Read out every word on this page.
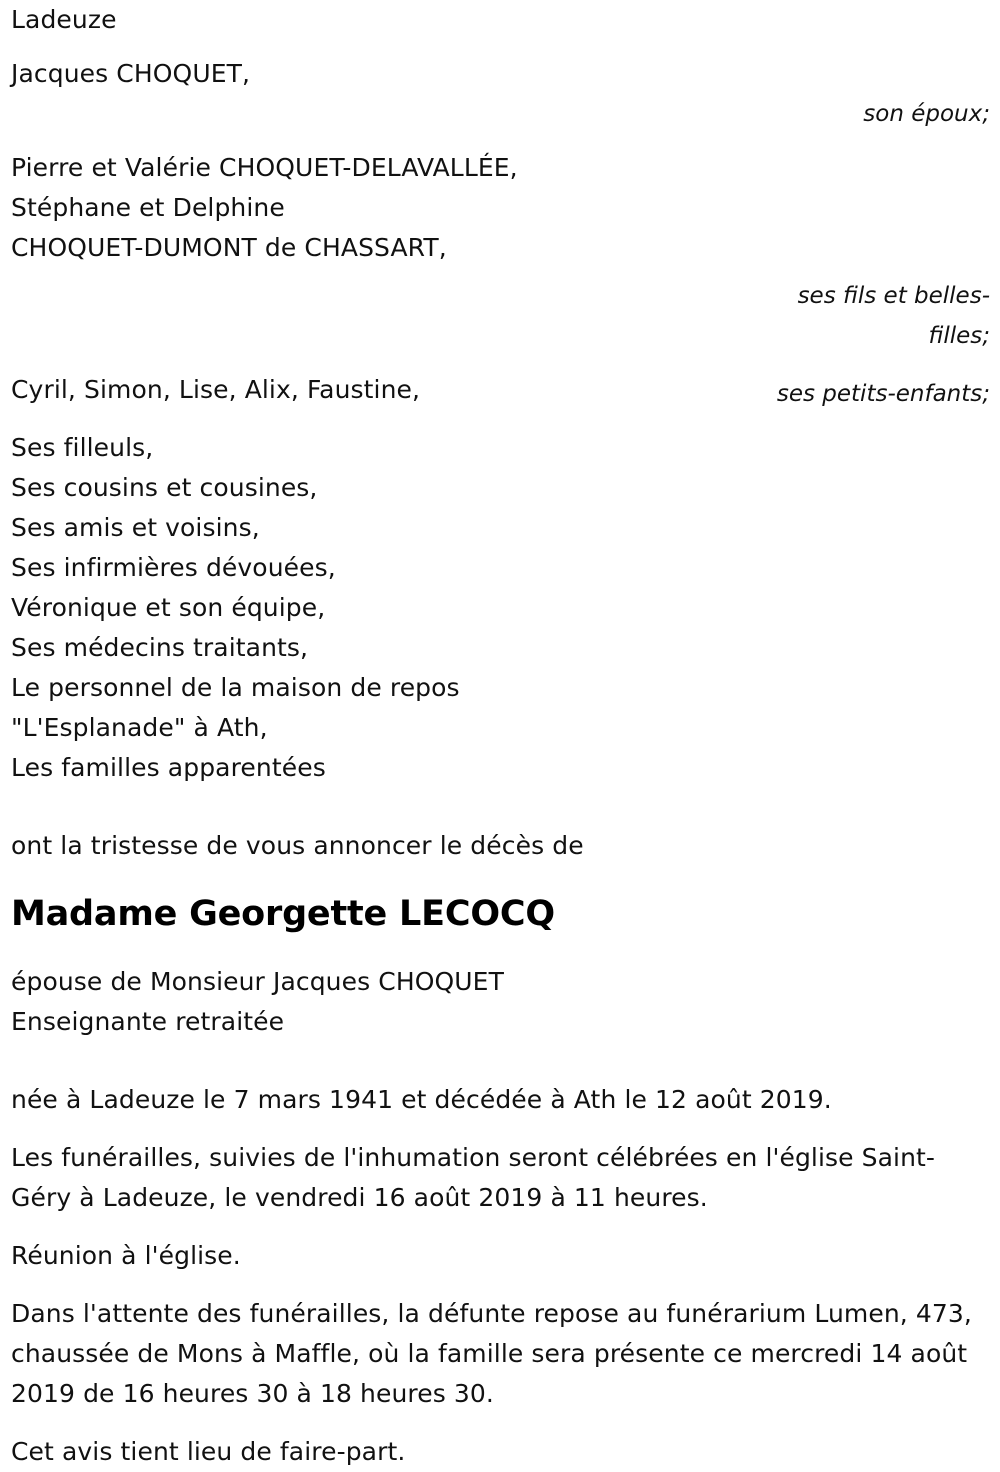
Ladeuze
Jacques CHOQUET,
son époux;
Pierre et Valérie CHOQUET-DELAVALLÉE,
Stéphane et Delphine
CHOQUET-DUMONT de CHASSART,
ses fils et belles-filles;
Cyril, Simon, Lise, Alix, Faustine,	ses petits-enfants;
Ses filleuls,
Ses cousins et cousines,
Ses amis et voisins,
Ses infirmières dévouées,
Véronique et son équipe,
Ses médecins traitants,
Le personnel de la maison de repos
"L'Esplanade" à Ath,
Les familles apparentées
ont la tristesse de vous annoncer le décès de
Madame Georgette LECOCQ
épouse de Monsieur Jacques CHOQUET
Enseignante retraitée

née à Ladeuze le 7 mars 1941 et décédée à Ath le 12 août 2019.

Les funérailles, suivies de l'inhumation seront célébrées en l'église Saint-Géry à Ladeuze, le vendredi 16 août 2019 à 11 heures.

Réunion à l'église.

Dans l'attente des funérailles, la défunte repose au funérarium Lumen, 473, chaussée de Mons à Maffle, où la famille sera présente ce mercredi 14 août 2019 de 16 heures 30 à 18 heures 30.

Cet avis tient lieu de faire-part.
